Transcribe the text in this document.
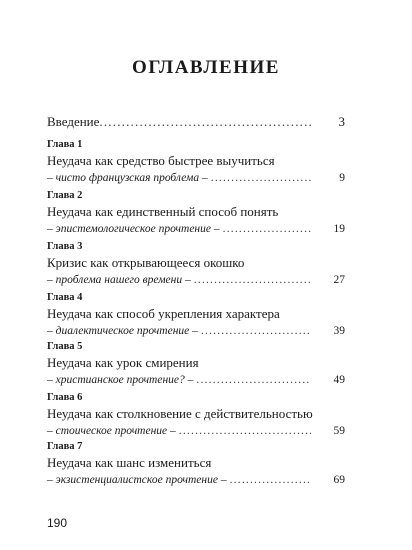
ОГЛАВЛЕНИЕ
Введение .....	3
Глава 1
Неудача как средство быстрее выучиться
– чисто французская проблема – .....	9
Глава 2
Неудача как единственный способ понять
– эпистемологическое прочтение – .....	19
Глава 3
Кризис как открывающееся окошко
– проблема нашего времени – .....	27
Глава 4
Неудача как способ укрепления характера
– диалектическое прочтение – .....	39
Глава 5
Неудача как урок смирения
– христианское прочтение? – .....	49
Глава 6
Неудача как столкновение с действительностью
– стоическое прочтение – .....	59
Глава 7
Неудача как шанс измениться
– экзистенциалистское прочтение – .....	69
190
